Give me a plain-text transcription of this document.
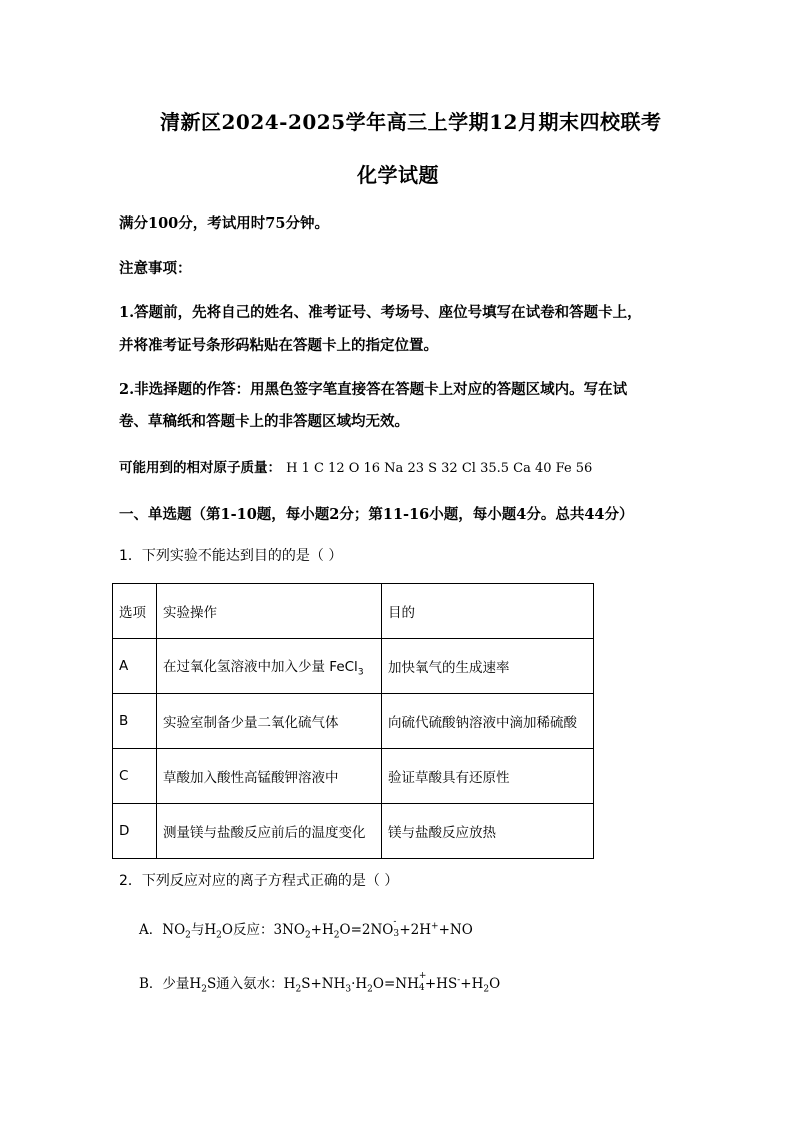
清新区2024-2025学年高三上学期12月期末四校联考
化学试题
满分100分，考试用时75分钟。
注意事项：
1.答题前，先将自己的姓名、准考证号、考场号、座位号填写在试卷和答题卡上，
并将准考证号条形码粘贴在答题卡上的指定位置。
2.非选择题的作答：用黑色签字笔直接答在答题卡上对应的答题区域内。写在试
卷、草稿纸和答题卡上的非答题区域均无效。
可能用到的相对原子质量： H 1 C 12 O 16 Na 23 S 32 Cl 35.5 Ca 40 Fe 56
一、单选题（第1-10题，每小题2分；第11-16小题，每小题4分。总共44分）
1．下列实验不能达到目的的是（ ）
选项	实验操作	目的
A	在过氧化氢溶液中加入少量 FeCl$_3$	加快氧气的生成速率
B	实验室制备少量二氧化硫气体	向硫代硫酸钠溶液中滴加稀硫酸
C	草酸加入酸性高锰酸钾溶液中	验证草酸具有还原性
D	测量镁与盐酸反应前后的温度变化	镁与盐酸反应放热
2．下列反应对应的离子方程式正确的是（ ）
A．$NO_2$与$H_2O$反应：$3NO_2+H_2O=2NO$ -
3 +2H++NO
B．少量$H_2S$通入氨水：$H_2S+NH_3\cdot H_2O=NH$ +
$4 +HS^-+H_2O$
